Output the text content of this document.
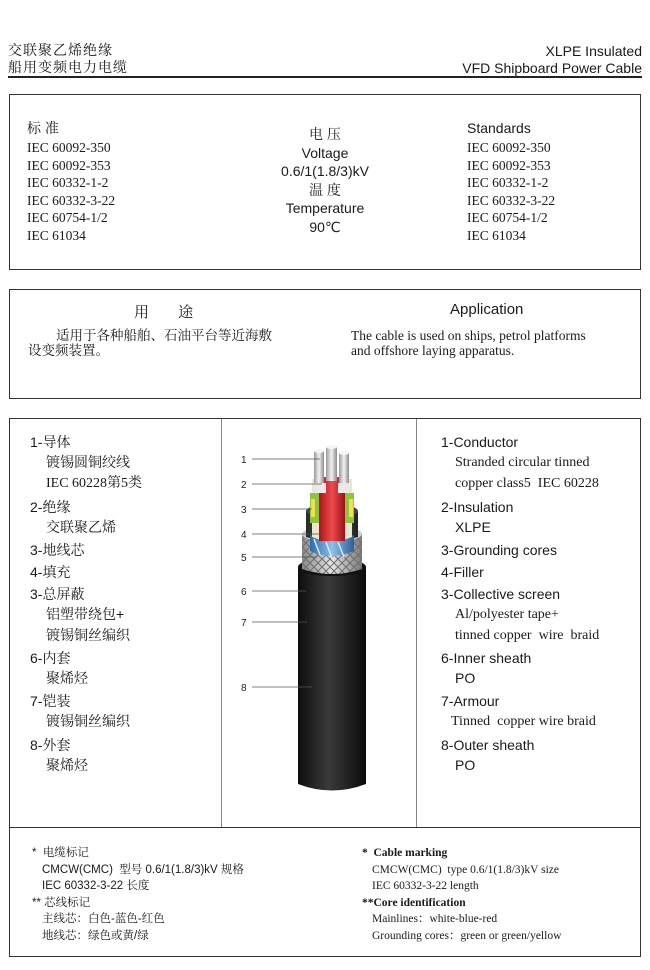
交联聚乙烯绝缘
船用变频电力电缆
XLPE Insulated
VFD Shipboard Power Cable
标 准
IEC 60092-350
IEC 60092-353
IEC 60332-1-2
IEC 60332-3-22
IEC 60754-1/2
IEC 61034
电 压
Voltage
0.6/1(1.8/3)kV
温 度
Temperature
90℃
Standards
IEC 60092-350
IEC 60092-353
IEC 60332-1-2
IEC 60332-3-22
IEC 60754-1/2
IEC 61034
用       途	Application
适用于各种船舶、石油平台等近海敷
设变频装置。
The cable is used on ships, petrol platforms
and offshore laying apparatus.
1-导体
镀锡圆铜绞线
IEC 60228第5类
2-绝缘
交联聚乙烯
3-地线芯
4-填充
3-总屏蔽
铝塑带绕包+
镀锡铜丝编织
6-内套
聚烯烃
7-铠装
镀锡铜丝编织
8-外套
聚烯烃
1
2
3
4
5
6
7
8
1-Conductor
Stranded circular tinned
copper class5  IEC 60228
2-Insulation
XLPE
3-Grounding cores
4-Filler
3-Collective screen
Al/polyester tape+
tinned copper  wire  braid
6-Inner sheath
PO
7-Armour
Tinned  copper wire braid
8-Outer sheath
PO
*  电缆标记
CMCW(CMC)  型号 0.6/1(1.8/3)kV 规格
IEC 60332-3-22 长度
** 芯线标记
主线芯：白色-蓝色-红色
地线芯：绿色或黄/绿
*  Cable marking
CMCW(CMC)  type 0.6/1(1.8/3)kV size
IEC 60332-3-22 length
**Core identification
Mainlines：white-blue-red
Grounding cores：green or green/yellow
